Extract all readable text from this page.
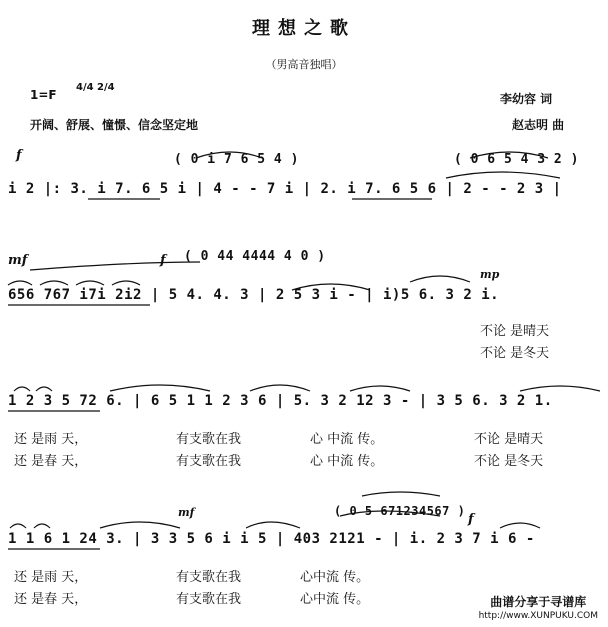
理想之歌
（男高音独唱）
1=F
4/4 2/4
开阔、舒展、憧憬、信念坚定地
李幼容 词
赵志明 曲
f	( 0 i 7 6 5 4 )	( 0 6 5 4 3 2 )
i 2 |: 3. i 7. 6 5 i | 4 - - 7 i | 2. i 7. 6 5 6 | 2 - - 2 3 |
mf	f
mp
( 0 44 4444 4 0 )
656 767 i7i 2i2 | 5 4. 4. 3 | 2 5 3 i - | i)5 6. 3 2 i.
不论 是晴天
不论 是冬天
1 2 3 5 72 6. | 6 5 1 1 2 3 6 | 5. 3 2 12 3 - | 3 5 6. 3 2 1.
还 是雨 天，	有支歌在我	心 中流 传。	不论 是晴天
还 是春 天，	有支歌在我	心 中流 传。	不论 是冬天
mf	f
( 0 5 671234567 )
1 1 6 1 24 3. | 3 3 5 6 i i 5 | 403 2121 - | i. 2 3 7 i 6 -
还 是雨 天，	有支歌在我	心中流 传。
还 是春 天，	有支歌在我	心中流 传。	曲谱分享于寻谱库
http://www.XUNPUKU.COM
